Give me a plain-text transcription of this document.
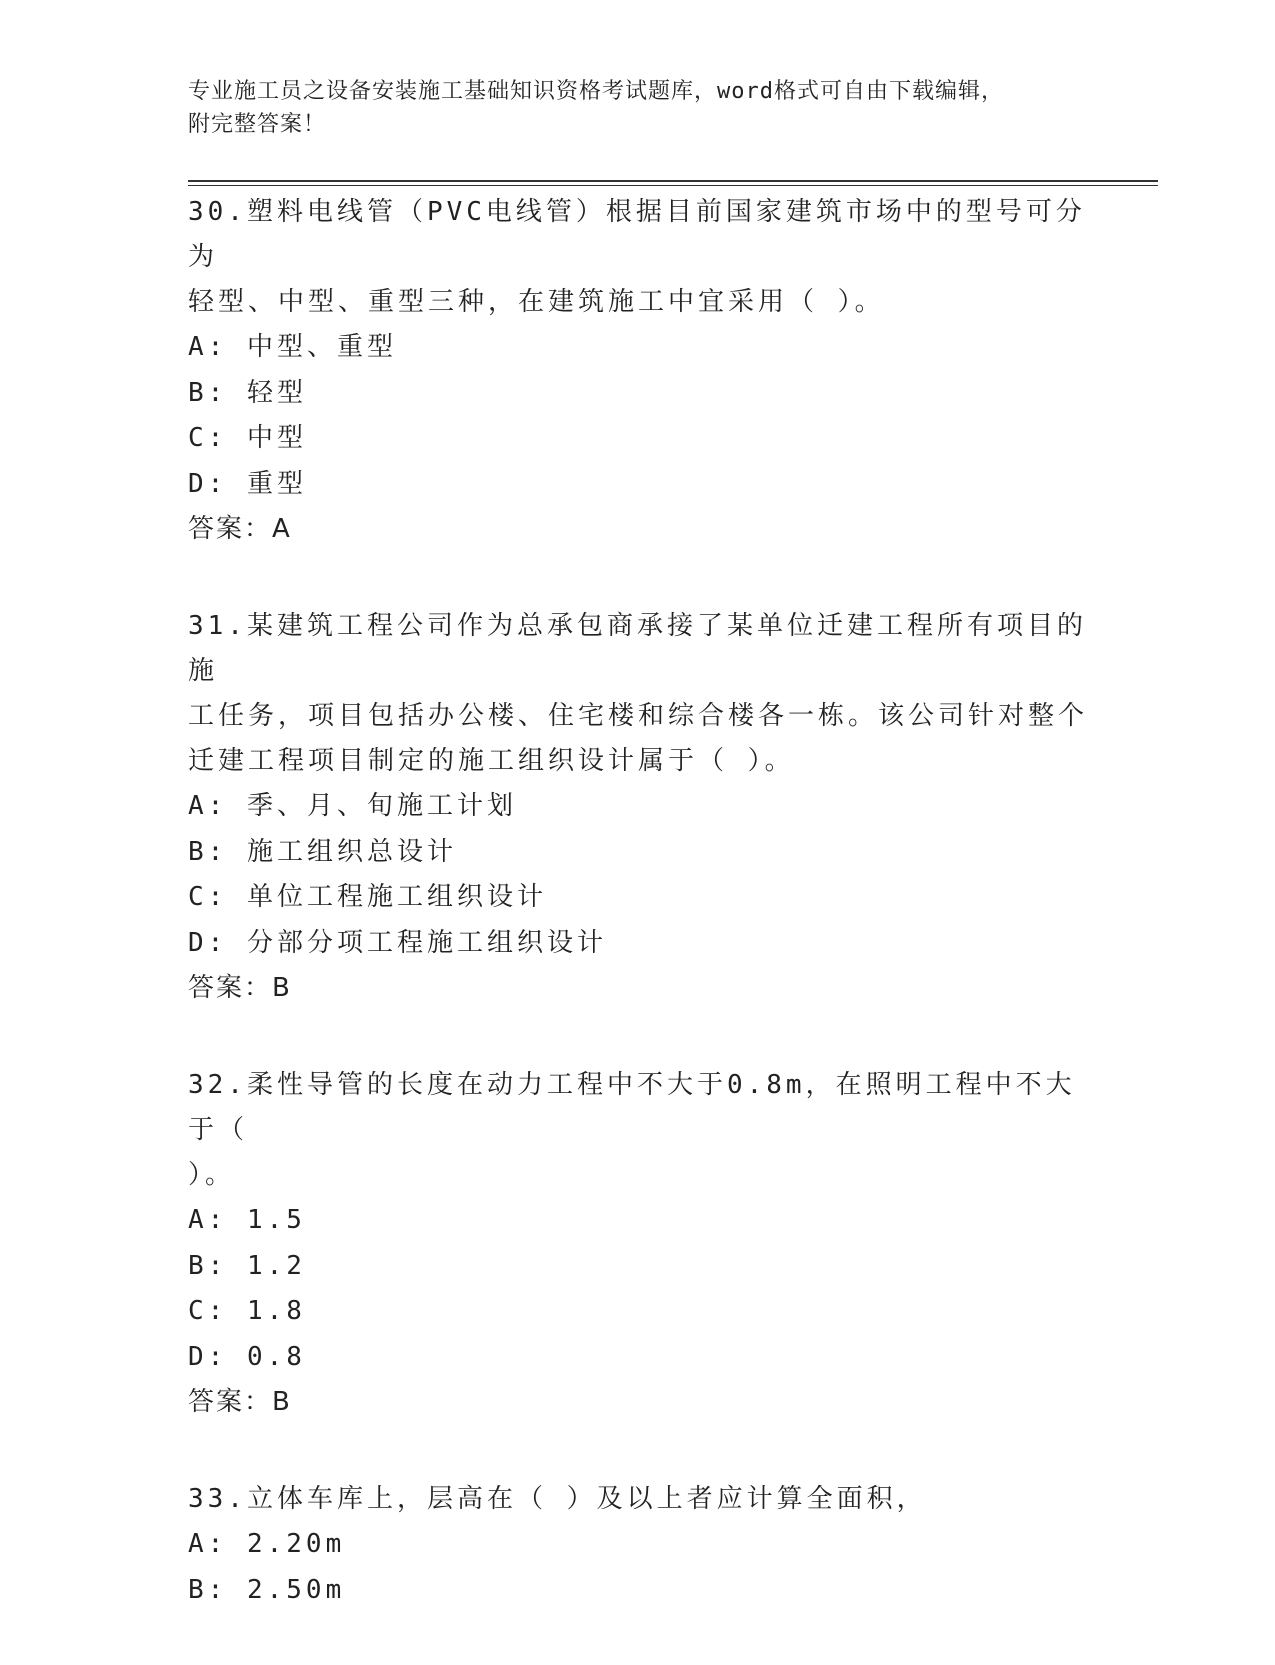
专业施工员之设备安装施工基础知识资格考试题库，word格式可自由下载编辑，
附完整答案！
30.塑料电线管（PVC电线管）根据目前国家建筑市场中的型号可分为
轻型、中型、重型三种，在建筑施工中宜采用（ ）。
A: 中型、重型
B: 轻型
C: 中型
D: 重型
答案：A
31.某建筑工程公司作为总承包商承接了某单位迁建工程所有项目的施
工任务，项目包括办公楼、住宅楼和综合楼各一栋。该公司针对整个
迁建工程项目制定的施工组织设计属于（ ）。
A: 季、月、旬施工计划
B: 施工组织总设计
C: 单位工程施工组织设计
D: 分部分项工程施工组织设计
答案：B
32.柔性导管的长度在动力工程中不大于0.8m，在照明工程中不大于（
）。
A: 1.5
B: 1.2
C: 1.8
D: 0.8
答案：B
33.立体车库上，层高在（ ）及以上者应计算全面积，
A: 2.20m
B: 2.50m
